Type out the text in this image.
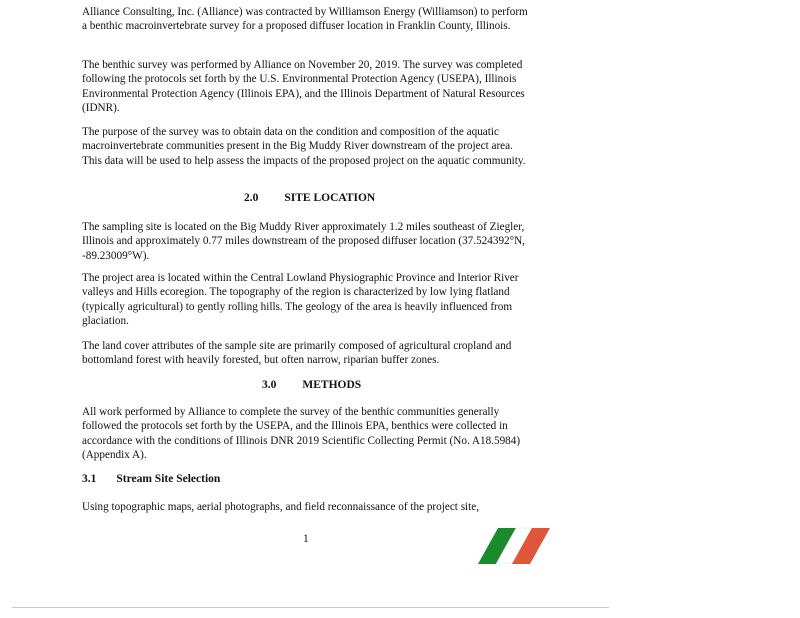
Alliance Consulting, Inc. (Alliance) was contracted by Williamson Energy (Williamson) to perform a benthic macroinvertebrate survey for a proposed diffuser location in Franklin County, Illinois.

The benthic survey was performed by Alliance on November 20, 2019. The survey was completed following the protocols set forth by the U.S. Environmental Protection Agency (USEPA), Illinois Environmental Protection Agency (Illinois EPA), and the Illinois Department of Natural Resources (IDNR).

The purpose of the survey was to obtain data on the condition and composition of the aquatic macroinvertebrate communities present in the Big Muddy River downstream of the project area. This data will be used to help assess the impacts of the proposed project on the aquatic community.

2.0 SITE LOCATION

The sampling site is located on the Big Muddy River approximately 1.2 miles southeast of Ziegler, Illinois and approximately 0.77 miles downstream of the proposed diffuser location (37.524392°N, -89.23009°W).

The project area is located within the Central Lowland Physiographic Province and Interior River valleys and Hills ecoregion. The topography of the region is characterized by low lying flatland (typically agricultural) to gently rolling hills. The geology of the area is heavily influenced from glaciation.

The land cover attributes of the sample site are primarily composed of agricultural cropland and bottomland forest with heavily forested, but often narrow, riparian buffer zones.

3.0 METHODS

All work performed by Alliance to complete the survey of the benthic communities generally followed the protocols set forth by the USEPA, and the Illinois EPA, benthics were collected in accordance with the conditions of Illinois DNR 2019 Scientific Collecting Permit (No. A18.5984) (Appendix A).

3.1 Stream Site Selection

Using topographic maps, aerial photographs, and field reconnaissance of the project site,

1
